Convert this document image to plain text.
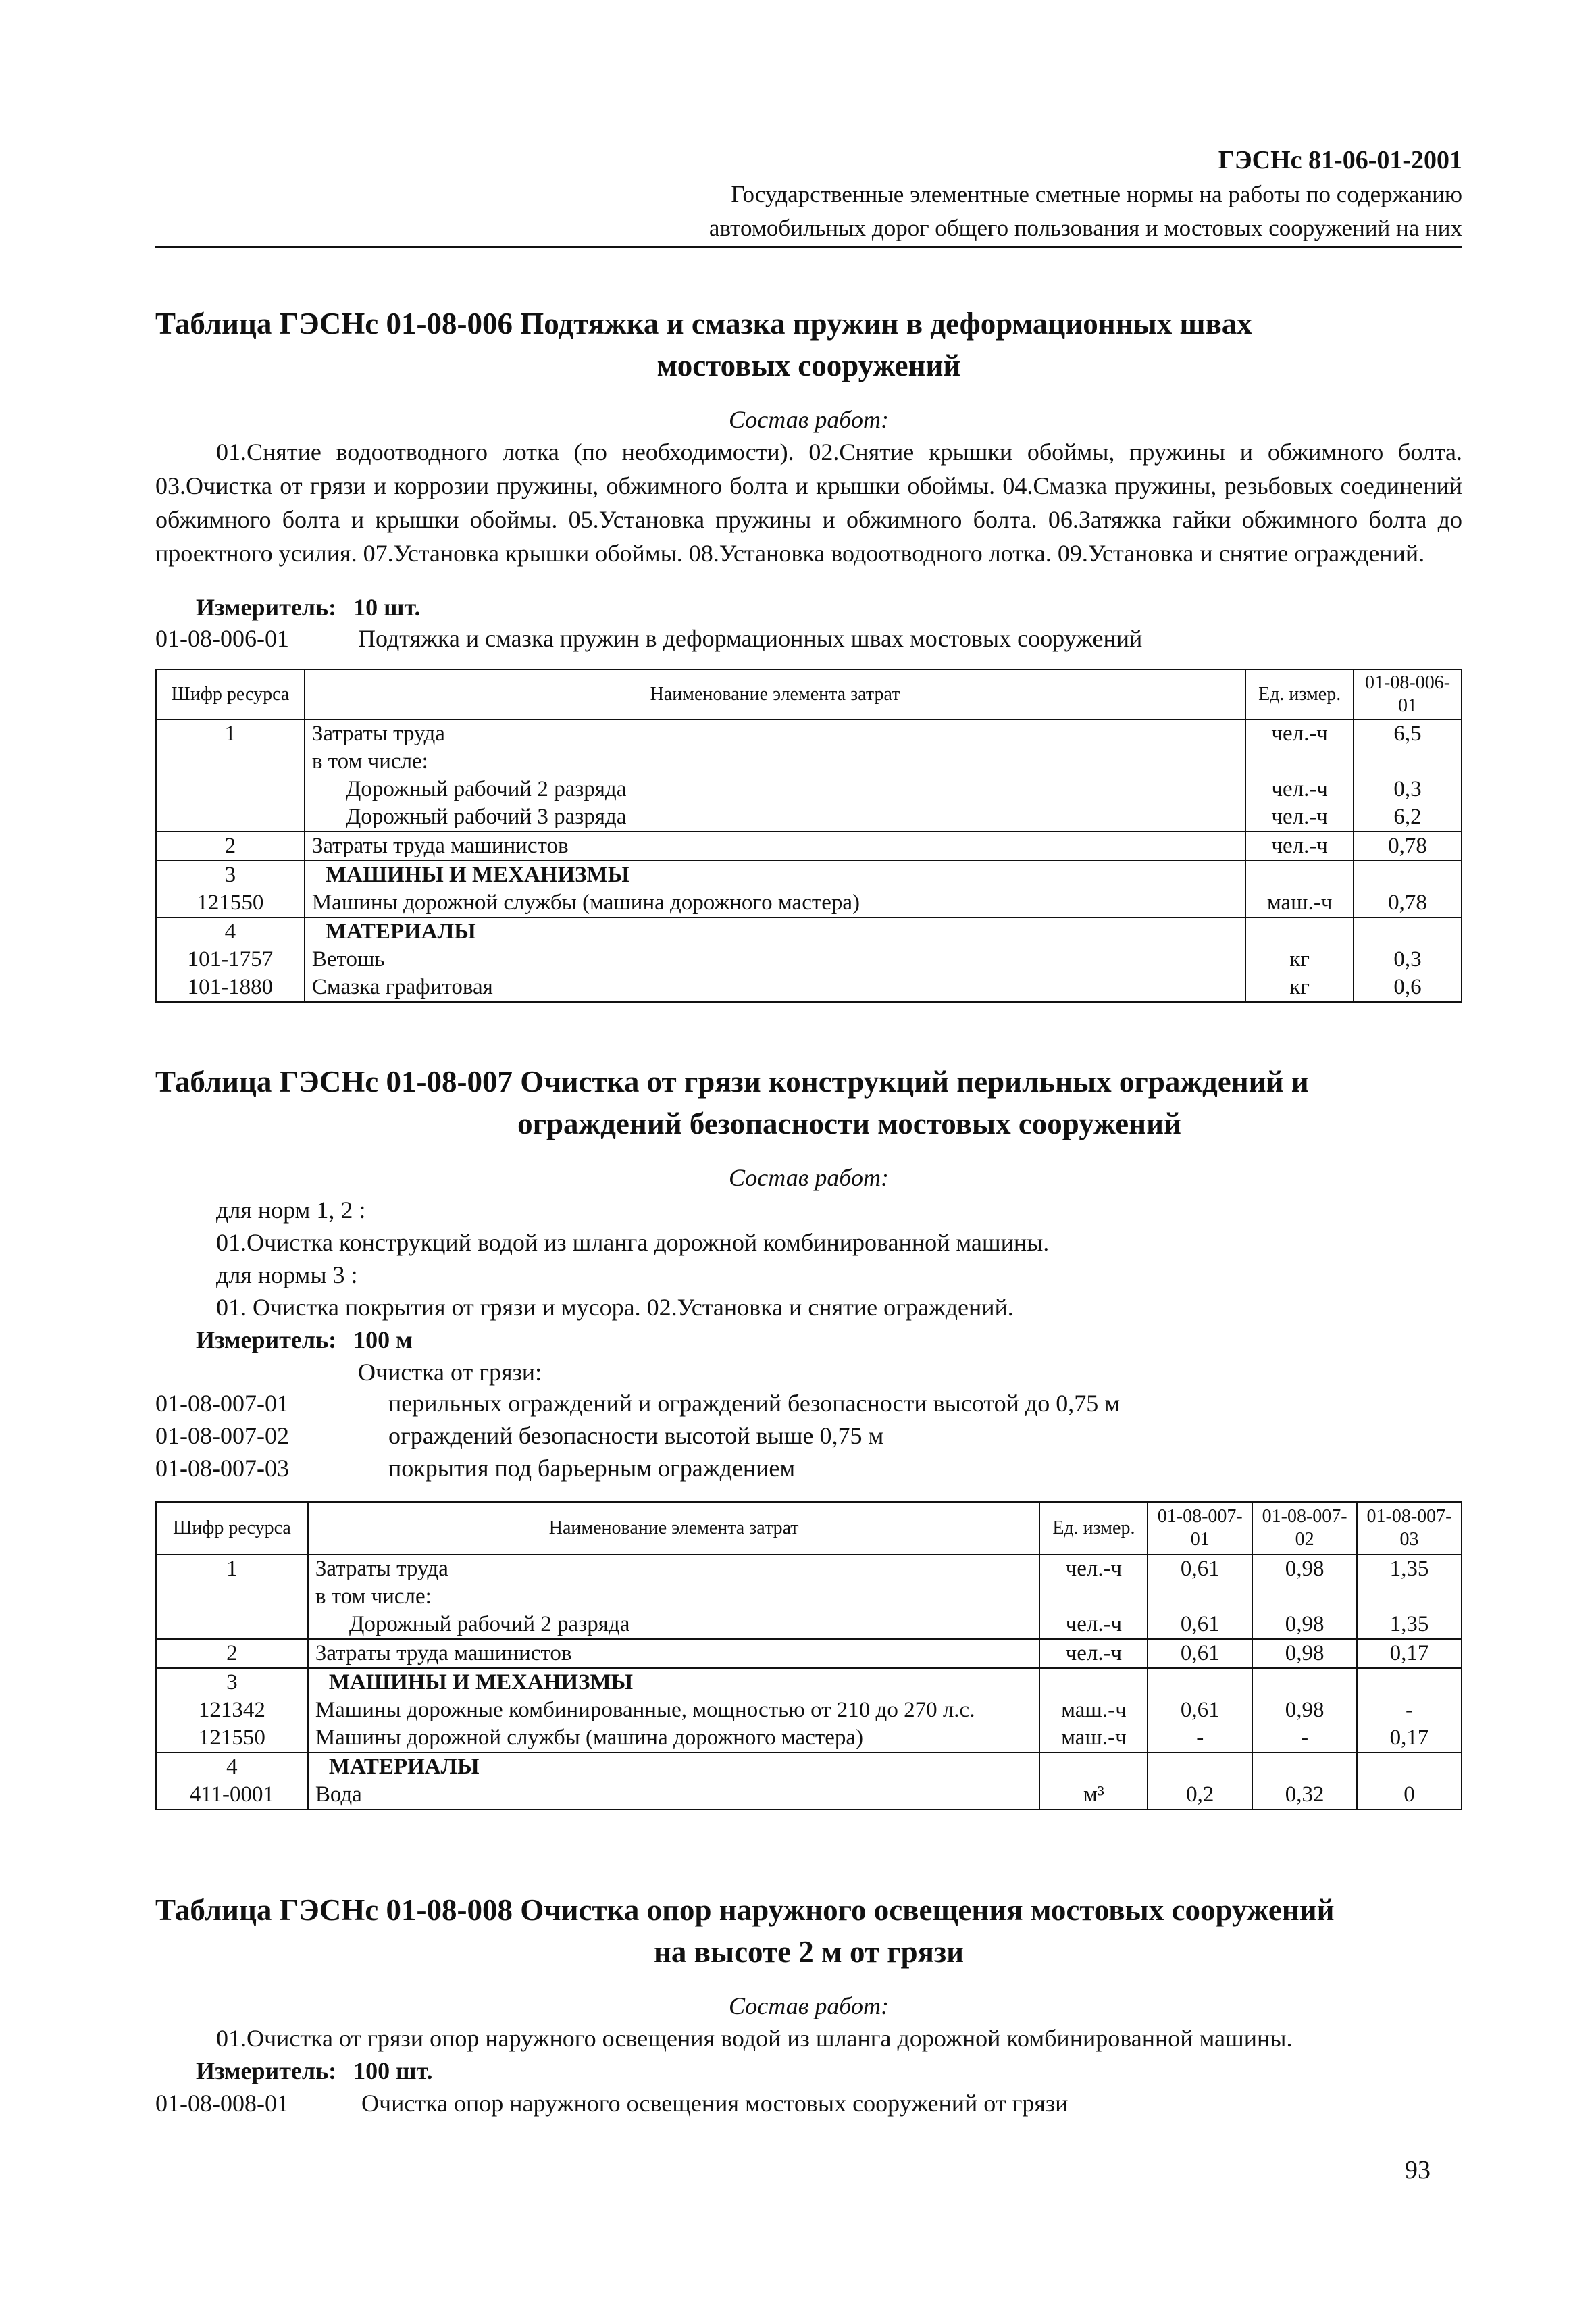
ГЭСНс 81-06-01-2001
Государственные элементные сметные нормы на работы по содержанию
автомобильных дорог общего пользования и мостовых сооружений на них
Таблица ГЭСНс 01-08-006 Подтяжка и смазка пружин в деформационных швах
мостовых сооружений
Состав работ:
01.Снятие водоотводного лотка (по необходимости). 02.Снятие крышки обоймы, пружины и обжимного болта. 03.Очистка от грязи и коррозии пружины, обжимного болта и крышки обоймы. 04.Смазка пружины, резьбовых соединений обжимного болта и крышки обоймы. 05.Установка пружины и обжимного болта. 06.Затяжка гайки обжимного болта до проектного усилия. 07.Установка крышки обоймы. 08.Установка водоотводного лотка. 09.Установка и снятие ограждений.
Измеритель: 10 шт.
01-08-006-01	Подтяжка и смазка пружин в деформационных швах мостовых сооружений
Шифр ресурса	Наименование элемента затрат	Ед. измер.	01-08-006-01
1	Затраты труда	чел.-ч	6,5
	в том числе:		
	Дорожный рабочий 2 разряда	чел.-ч	0,3
	Дорожный рабочий 3 разряда	чел.-ч	6,2
2	Затраты труда машинистов	чел.-ч	0,78
3	МАШИНЫ И МЕХАНИЗМЫ		
121550	Машины дорожной службы (машина дорожного мастера)	маш.-ч	0,78
4	МАТЕРИАЛЫ		
101-1757	Ветошь	кг	0,3
101-1880	Смазка графитовая	кг	0,6
Таблица ГЭСНс 01-08-007 Очистка от грязи конструкций перильных ограждений и
ограждений безопасности мостовых сооружений
Состав работ:
для норм 1, 2 :
01.Очистка конструкций водой из шланга дорожной комбинированной машины.
для нормы 3 :
01. Очистка покрытия от грязи и мусора. 02.Установка и снятие ограждений.
Измеритель: 100 м
Очистка от грязи:
01-08-007-01	перильных ограждений и ограждений безопасности высотой до 0,75 м
01-08-007-02	ограждений безопасности высотой выше 0,75 м
01-08-007-03	покрытия под барьерным ограждением
Шифр ресурса	Наименование элемента затрат	Ед. измер.	01-08-007-01	01-08-007-02	01-08-007-03
1	Затраты труда	чел.-ч	0,61	0,98	1,35
	в том числе:				
	Дорожный рабочий 2 разряда	чел.-ч	0,61	0,98	1,35
2	Затраты труда машинистов	чел.-ч	0,61	0,98	0,17
3	МАШИНЫ И МЕХАНИЗМЫ				
121342	Машины дорожные комбинированные, мощностью от 210 до 270 л.с.	маш.-ч	0,61	0,98	-
121550	Машины дорожной службы (машина дорожного мастера)	маш.-ч	-	-	0,17
4	МАТЕРИАЛЫ				
411-0001	Вода	м³	0,2	0,32	0
Таблица ГЭСНс 01-08-008 Очистка опор наружного освещения мостовых сооружений
на высоте 2 м от грязи
Состав работ:
01.Очистка от грязи опор наружного освещения водой из шланга дорожной комбинированной машины.
Измеритель: 100 шт.
01-08-008-01	Очистка опор наружного освещения мостовых сооружений от грязи
93
